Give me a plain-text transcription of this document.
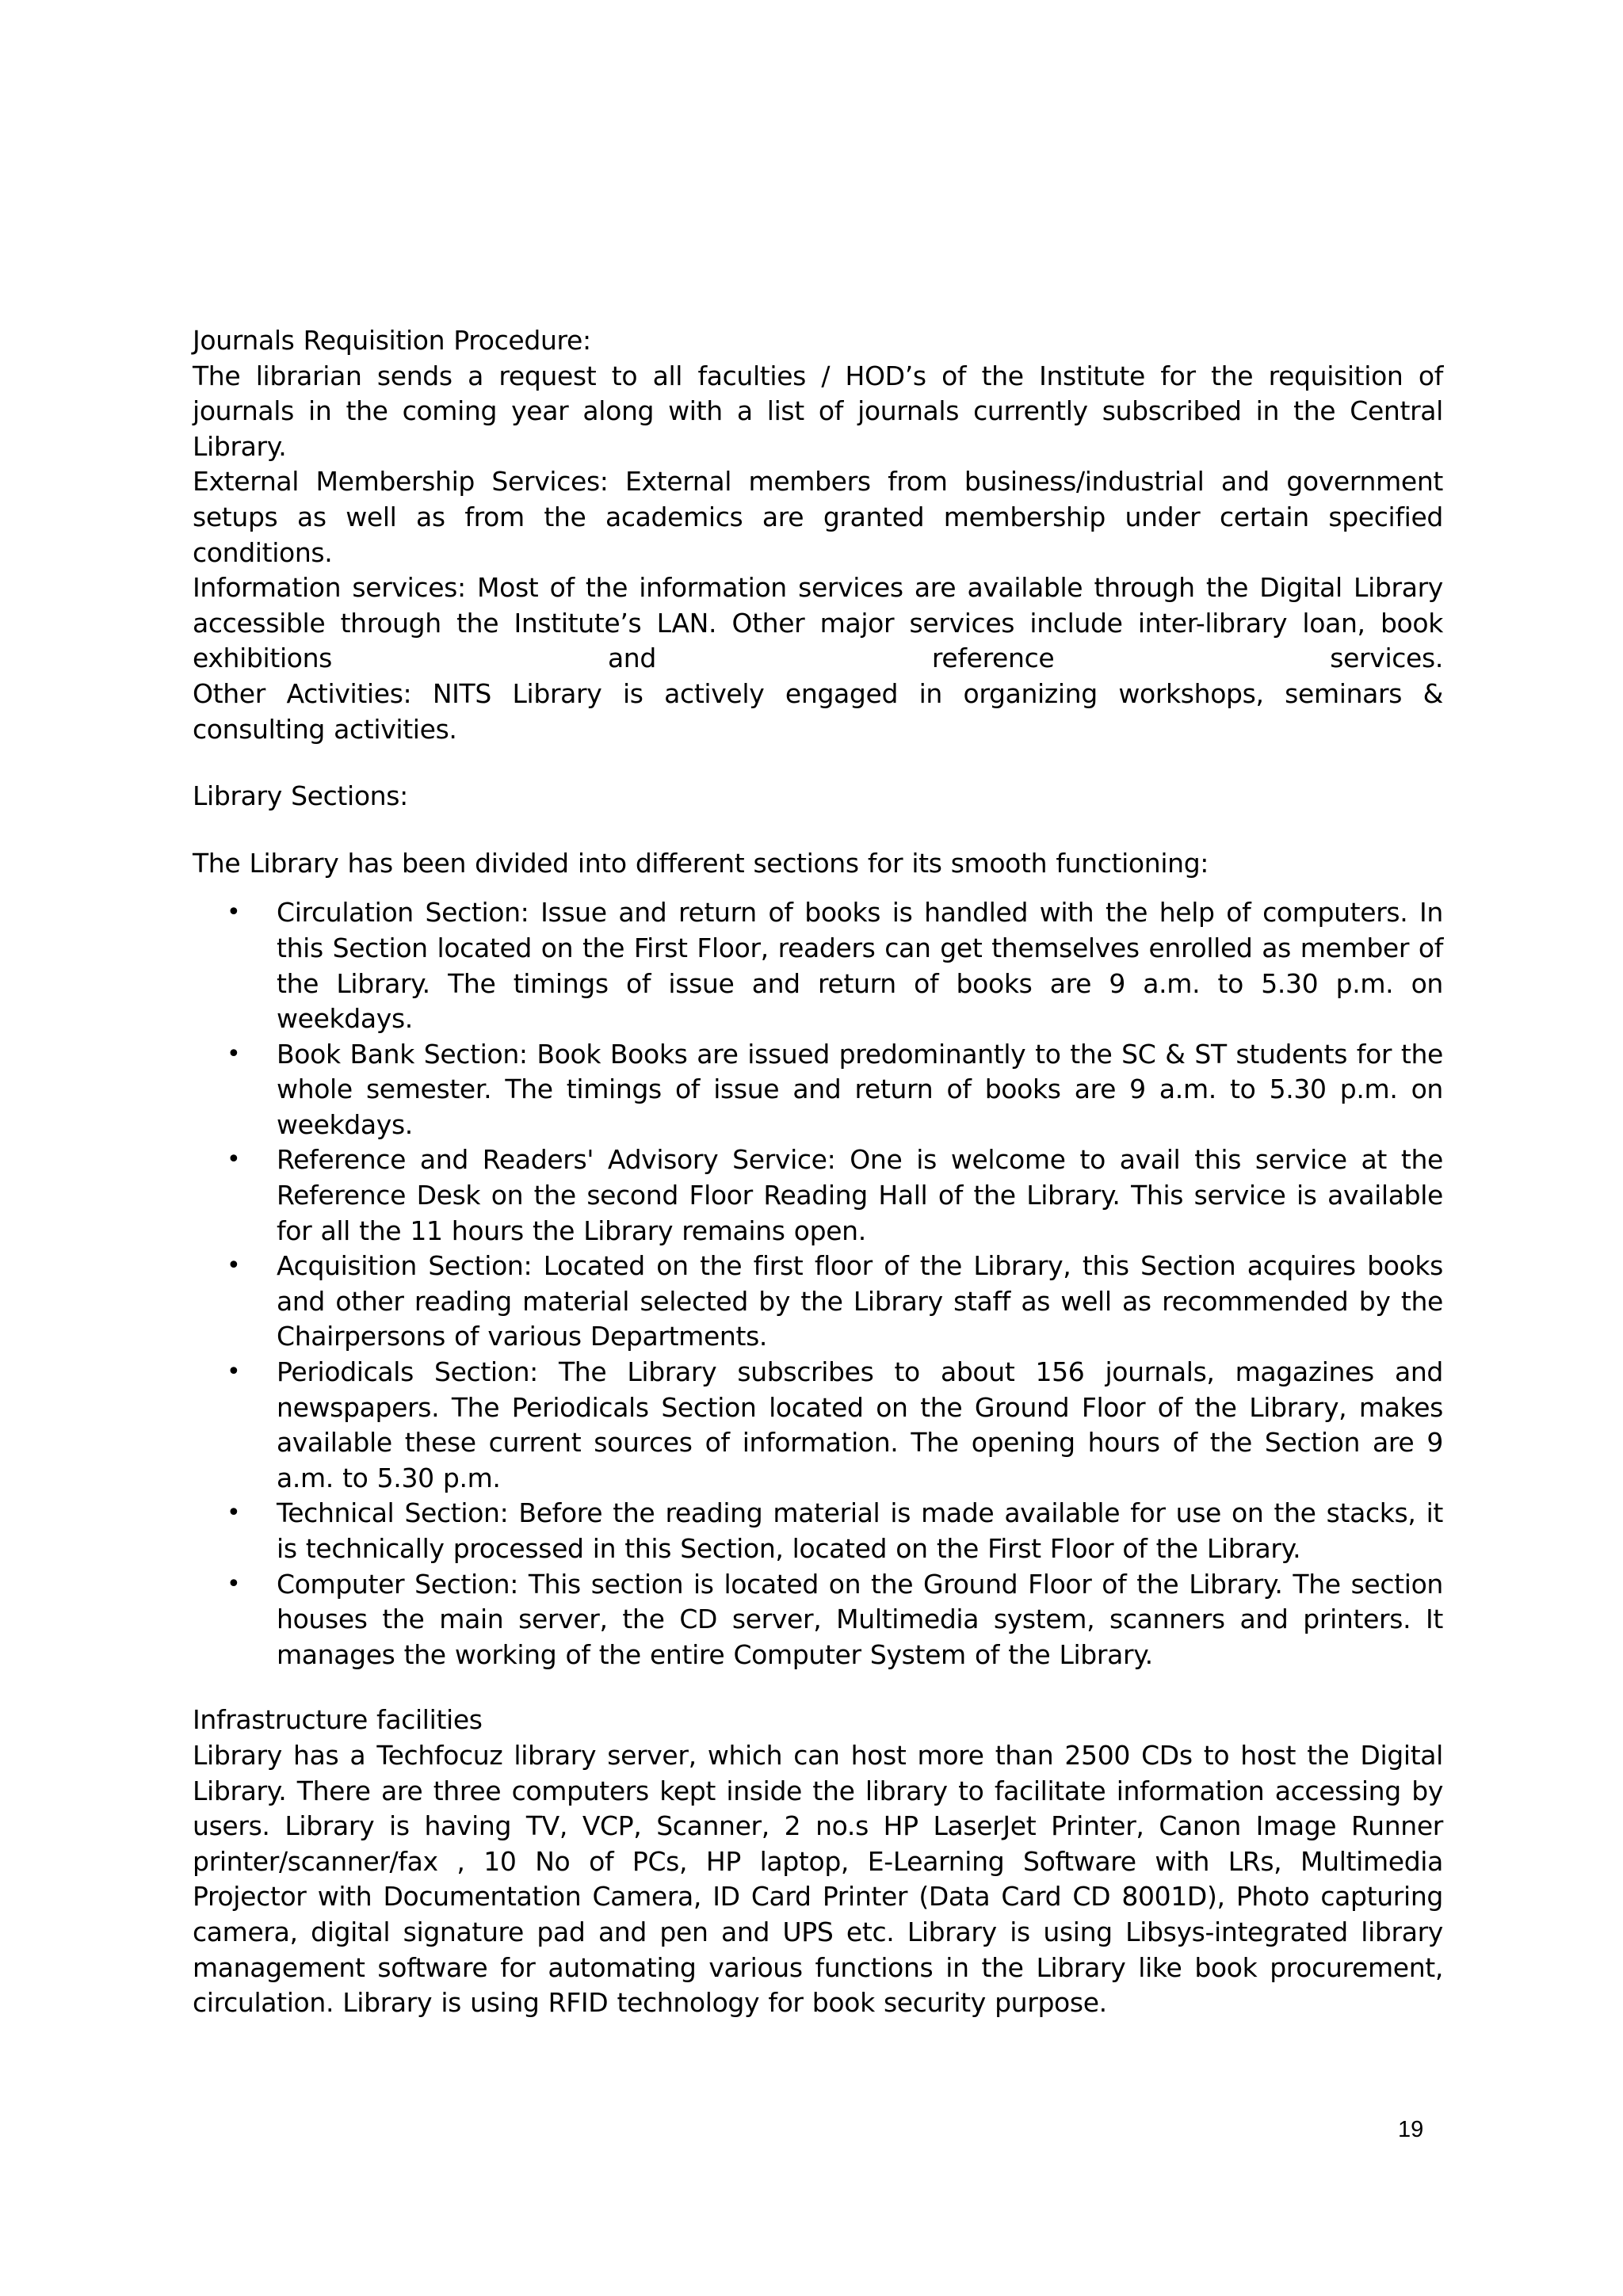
Journals Requisition Procedure:

The librarian sends a request to all faculties / HOD’s of the Institute for the requisition of journals in the coming year along with a list of journals currently subscribed in the Central Library.

External Membership Services: External members from business/industrial and government setups as well as from the academics are granted membership under certain specified conditions.

Information services: Most of the information services are available through the Digital Library accessible through the Institute’s LAN. Other major services include inter-library loan, book exhibitions and reference services.

Other Activities: NITS Library is actively engaged in organizing workshops, seminars & consulting activities.

Library Sections:
The Library has been divided into different sections for its smooth functioning:
• Circulation Section: Issue and return of books is handled with the help of computers. In this Section located on the First Floor, readers can get themselves enrolled as member of the Library. The timings of issue and return of books are 9 a.m. to 5.30 p.m. on weekdays.
• Book Bank Section: Book Books are issued predominantly to the SC & ST students for the whole semester. The timings of issue and return of books are 9 a.m. to 5.30 p.m. on weekdays.
• Reference and Readers' Advisory Service: One is welcome to avail this service at the Reference Desk on the second Floor Reading Hall of the Library. This service is available for all the 11 hours the Library remains open.
• Acquisition Section: Located on the first floor of the Library, this Section acquires books and other reading material selected by the Library staff as well as recommended by the Chairpersons of various Departments.
• Periodicals Section: The Library subscribes to about 156 journals, magazines and newspapers. The Periodicals Section located on the Ground Floor of the Library, makes available these current sources of information. The opening hours of the Section are 9 a.m. to 5.30 p.m.
• Technical Section: Before the reading material is made available for use on the stacks, it is technically processed in this Section, located on the First Floor of the Library.
• Computer Section: This section is located on the Ground Floor of the Library. The section houses the main server, the CD server, Multimedia system, scanners and printers. It manages the working of the entire Computer System of the Library.
Infrastructure facilities

Library has a Techfocuz library server, which can host more than 2500 CDs to host the Digital Library. There are three computers kept inside the library to facilitate information accessing by users. Library is having TV, VCP, Scanner, 2 no.s HP LaserJet Printer, Canon Image Runner printer/scanner/fax , 10 No of PCs, HP laptop, E-Learning Software with LRs, Multimedia Projector with Documentation Camera, ID Card Printer (Data Card CD 8001D), Photo capturing camera, digital signature pad and pen and UPS etc. Library is using Libsys-integrated library management software for automating various functions in the Library like book procurement, circulation. Library is using RFID technology for book security purpose.

19
